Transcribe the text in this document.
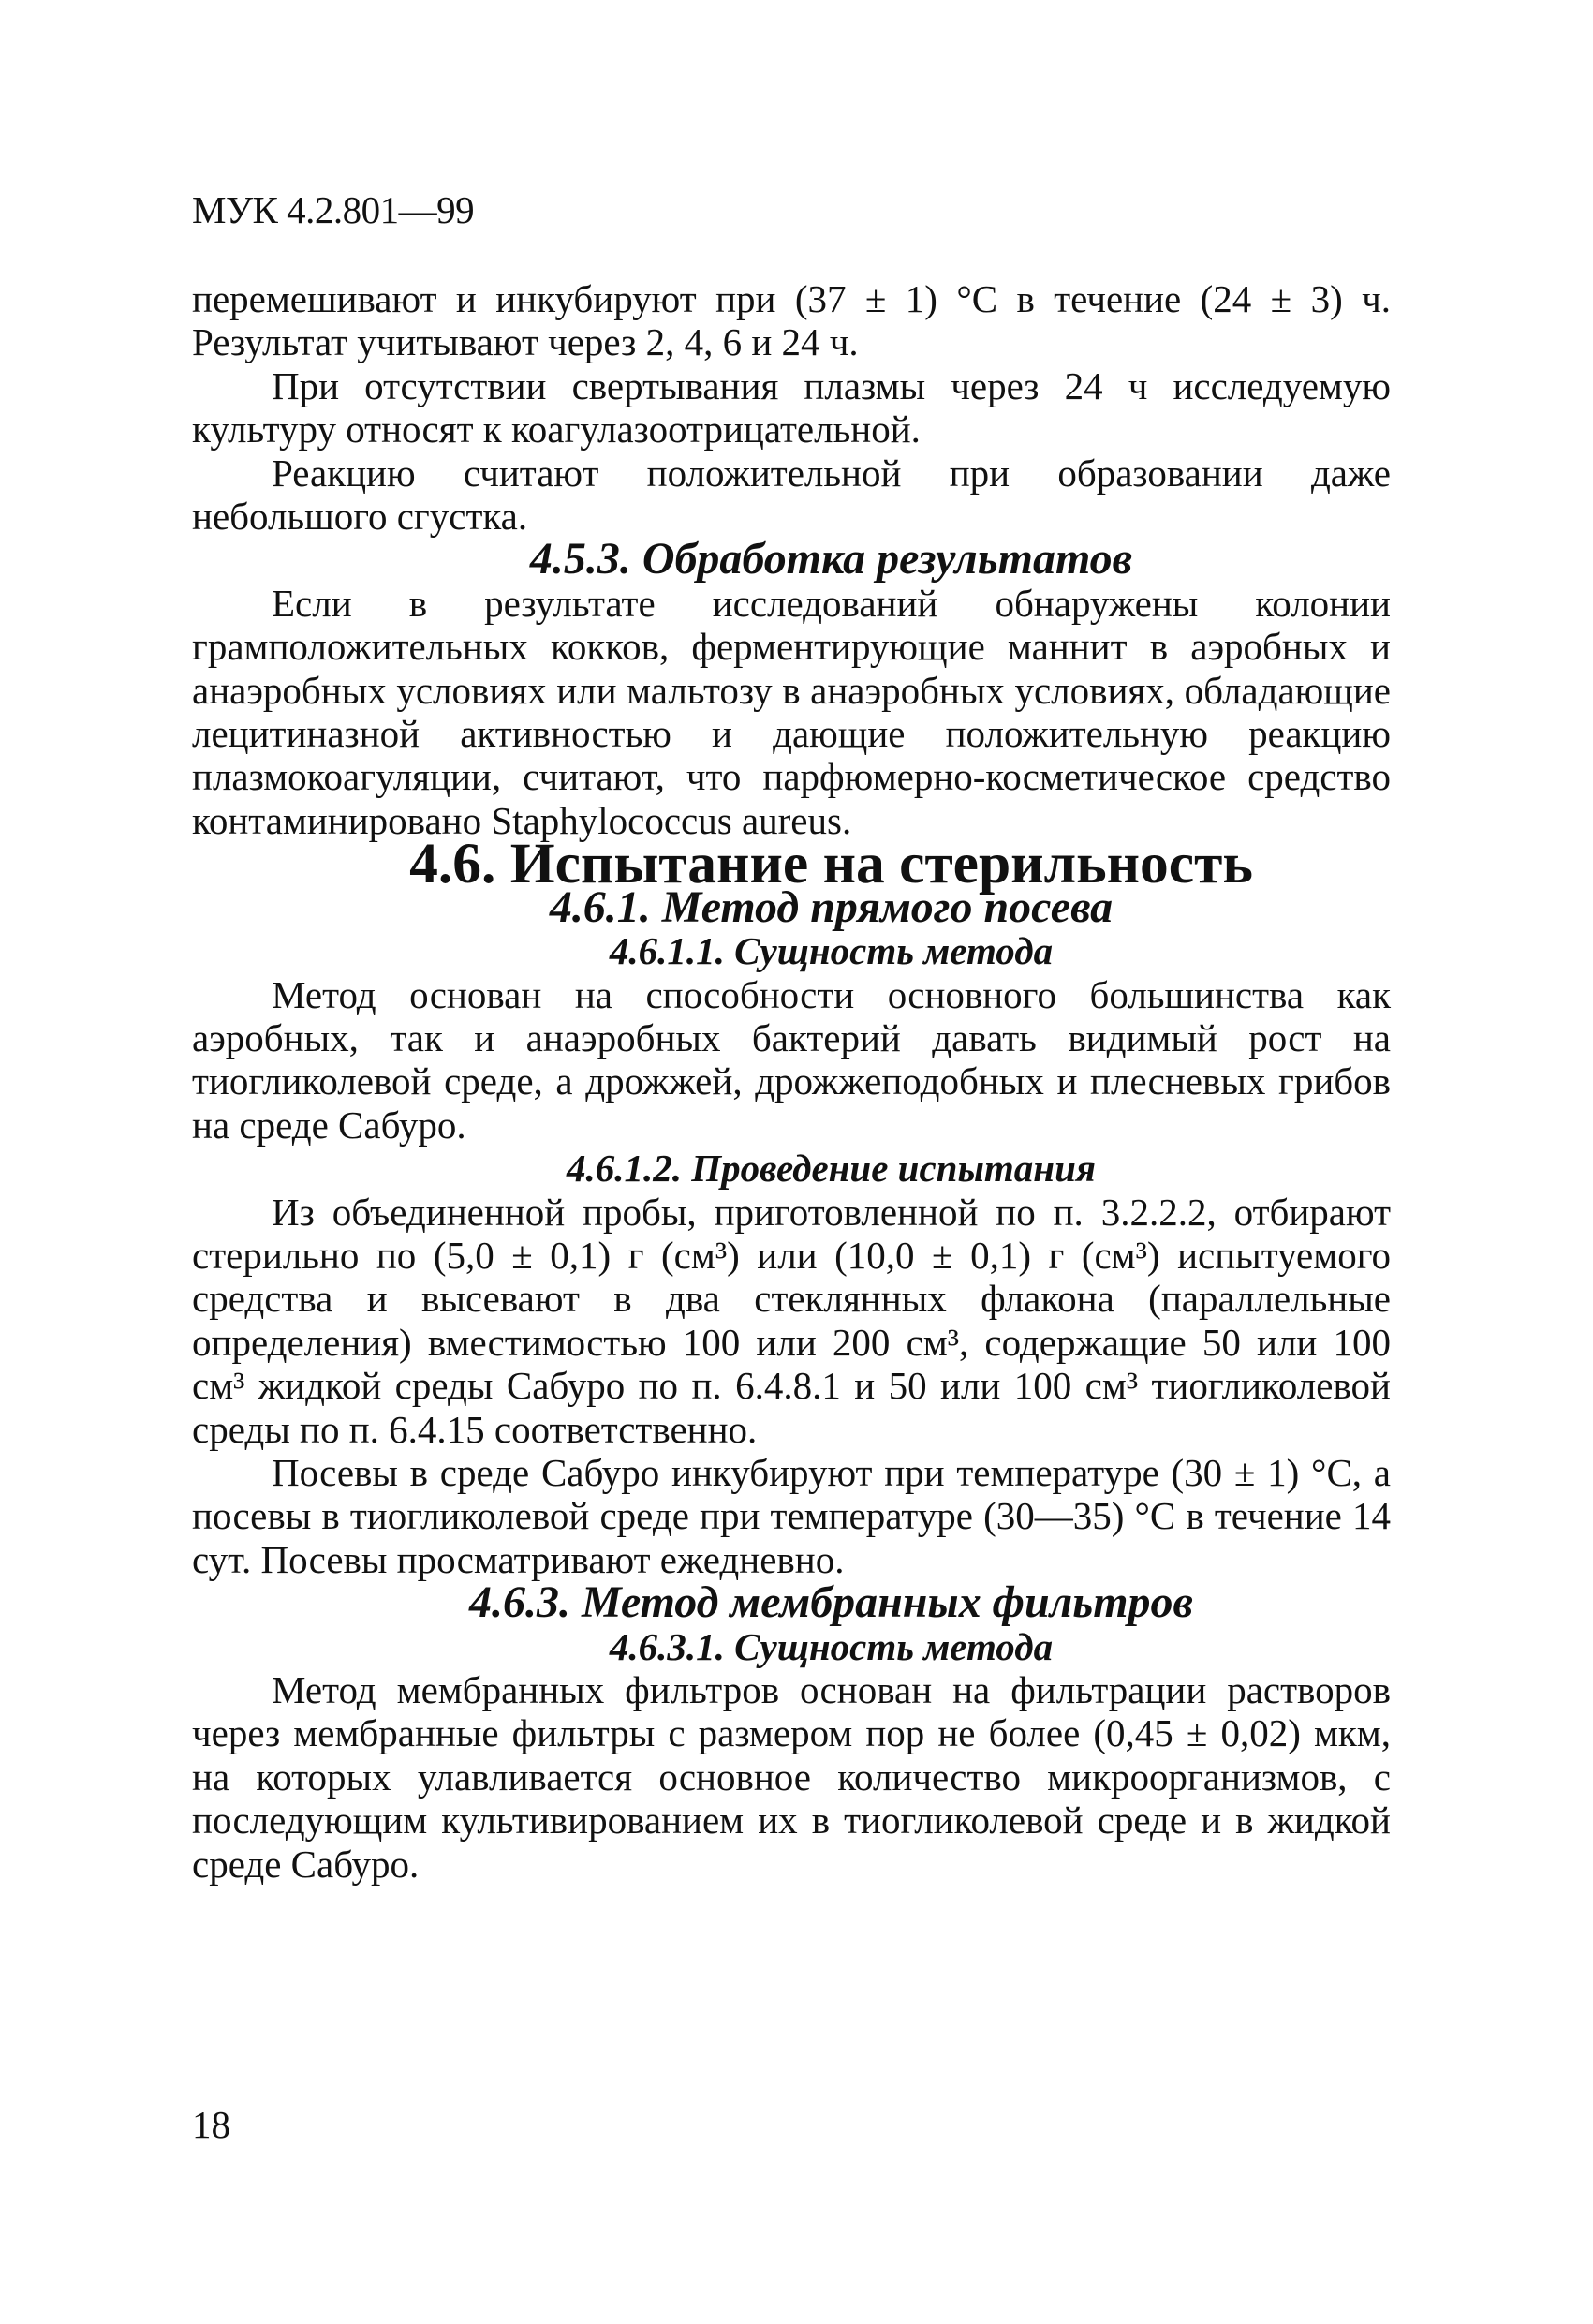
МУК 4.2.801—99

перемешивают и инкубируют при (37 ± 1) °С в течение (24 ± 3) ч. Результат учитывают через 2, 4, 6 и 24 ч.

При отсутствии свертывания плазмы через 24 ч исследуемую культуру относят к коагулазоотрицательной.

Реакцию считают положительной при образовании даже небольшого сгустка.

4.5.3. Обработка результатов

Если в результате исследований обнаружены колонии грамположительных кокков, ферментирующие маннит в аэробных и анаэробных условиях или мальтозу в анаэробных условиях, обладающие лецитиназной активностью и дающие положительную реакцию плазмокоагуляции, считают, что парфюмерно-косметическое средство контаминировано Staphylococcus aureus.

4.6. Испытание на стерильность
4.6.1. Метод прямого посева
4.6.1.1. Сущность метода

Метод основан на способности основного большинства как аэробных, так и анаэробных бактерий давать видимый рост на тиогликолевой среде, а дрожжей, дрожжеподобных и плесневых грибов на среде Сабуро.

4.6.1.2. Проведение испытания

Из объединенной пробы, приготовленной по п. 3.2.2.2, отбирают стерильно по (5,0 ± 0,1) г (см³) или (10,0 ± 0,1) г (см³) испытуемого средства и высевают в два стеклянных флакона (параллельные определения) вместимостью 100 или 200 см³, содержащие 50 или 100 см³ жидкой среды Сабуро по п. 6.4.8.1 и 50 или 100 см³ тиогликолевой среды по п. 6.4.15 соответственно.

Посевы в среде Сабуро инкубируют при температуре (30 ± 1) °С, а посевы в тиогликолевой среде при температуре (30—35) °С в течение 14 сут. Посевы просматривают ежедневно.

4.6.3. Метод мембранных фильтров
4.6.3.1. Сущность метода

Метод мембранных фильтров основан на фильтрации растворов через мембранные фильтры с размером пор не более (0,45 ± 0,02) мкм, на которых улавливается основное количество микроорганизмов, с последующим культивированием их в тиогликолевой среде и в жидкой среде Сабуро.

18
